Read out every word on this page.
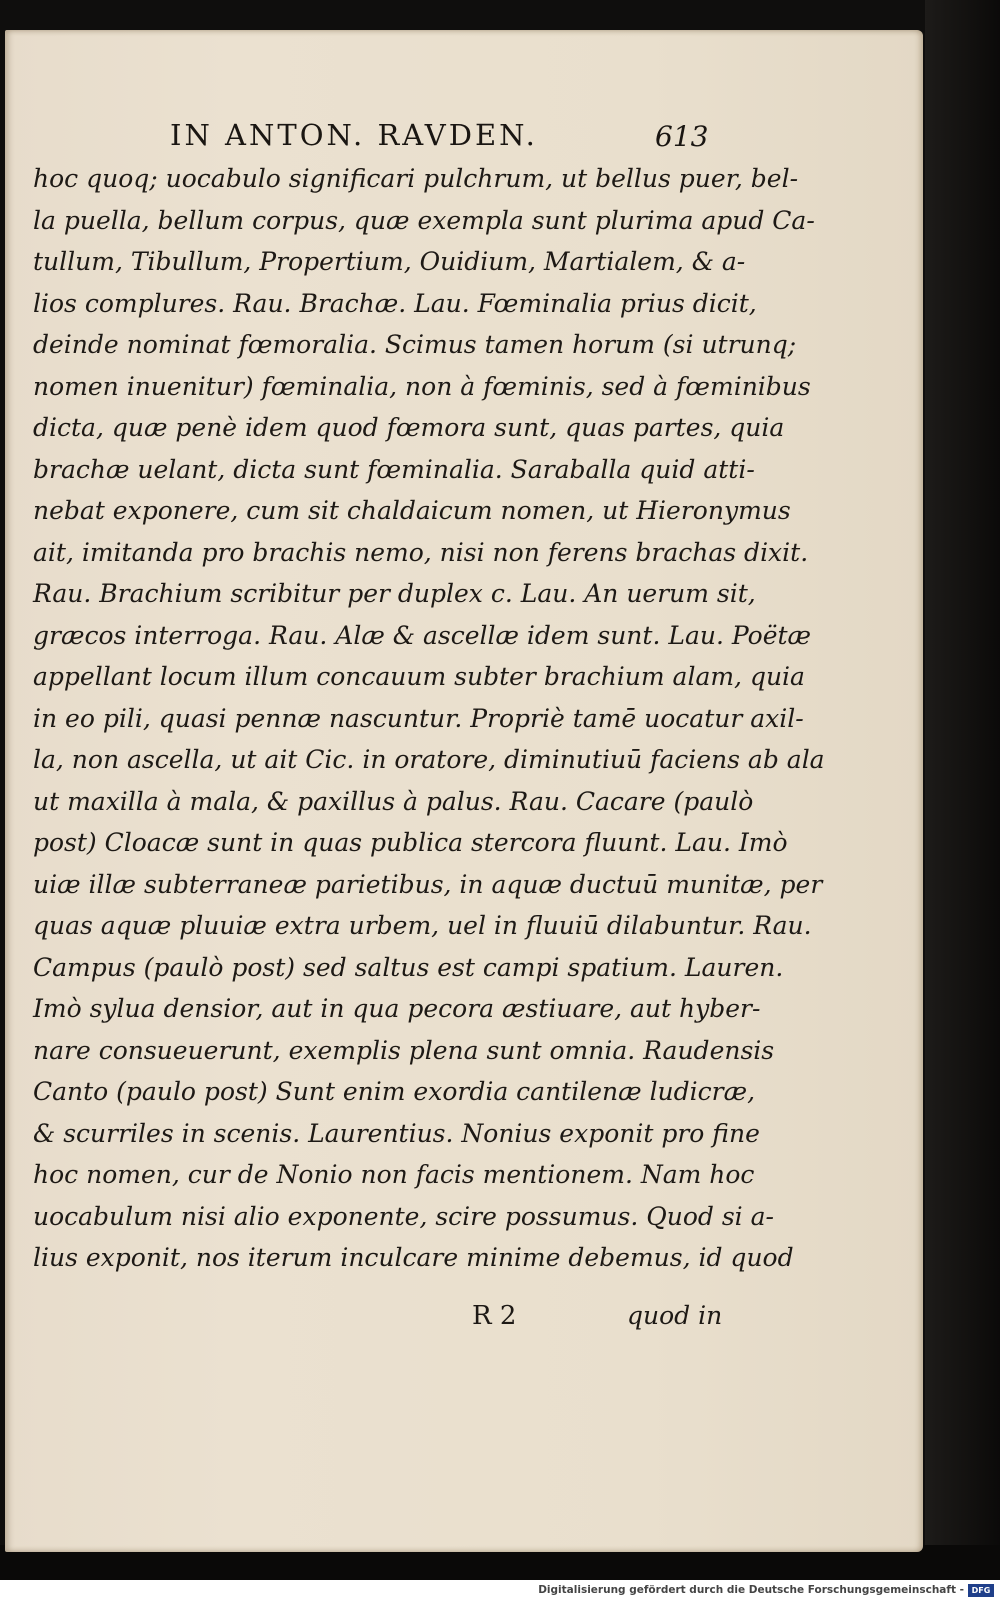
IN ANTON. RAVDEN.	613
hoc quoq; uocabulo significari pulchrum, ut bellus puer, bel-
la puella, bellum corpus, quæ exempla sunt plurima apud Ca-
tullum, Tibullum, Propertium, Ouidium, Martialem, & a-
lios complures. Rau. Brachæ. Lau. Fœminalia prius dicit,
deinde nominat fœmoralia. Scimus tamen horum (si utrunq;
nomen inuenitur) fœminalia, non à fœminis, sed à fœminibus
dicta, quæ penè idem quod fœmora sunt, quas partes, quia
brachæ uelant, dicta sunt fœminalia. Saraballa quid atti-
nebat exponere, cum sit chaldaicum nomen, ut Hieronymus
ait, imitanda pro brachis nemo, nisi non ferens brachas dixit.
Rau. Brachium scribitur per duplex c. Lau. An uerum sit,
græcos interroga. Rau. Alæ & ascellæ idem sunt. Lau. Poëtæ
appellant locum illum concauum subter brachium alam, quia
in eo pili, quasi pennæ nascuntur. Propriè tamē uocatur axil-
la, non ascella, ut ait Cic. in oratore, diminutiuū faciens ab ala
ut maxilla à mala, & paxillus à palus. Rau. Cacare (paulò
post) Cloacæ sunt in quas publica stercora fluunt. Lau. Imò
uiæ illæ subterraneæ parietibus, in aquæ ductuū munitæ, per
quas aquæ pluuiæ extra urbem, uel in fluuiū dilabuntur. Rau.
Campus (paulò post) sed saltus est campi spatium. Lauren.
Imò sylua densior, aut in qua pecora æstiuare, aut hyber-
nare consueuerunt, exemplis plena sunt omnia. Raudensis
Canto (paulo post) Sunt enim exordia cantilenæ ludicræ,
& scurriles in scenis. Laurentius. Nonius exponit pro fine
hoc nomen, cur de Nonio non facis mentionem. Nam hoc
uocabulum nisi alio exponente, scire possumus. Quod si a-
lius exponit, nos iterum inculcare minime debemus, id quod
R 2	quod in
Digitalisierung gefördert durch die Deutsche Forschungsgemeinschaft - DFG
